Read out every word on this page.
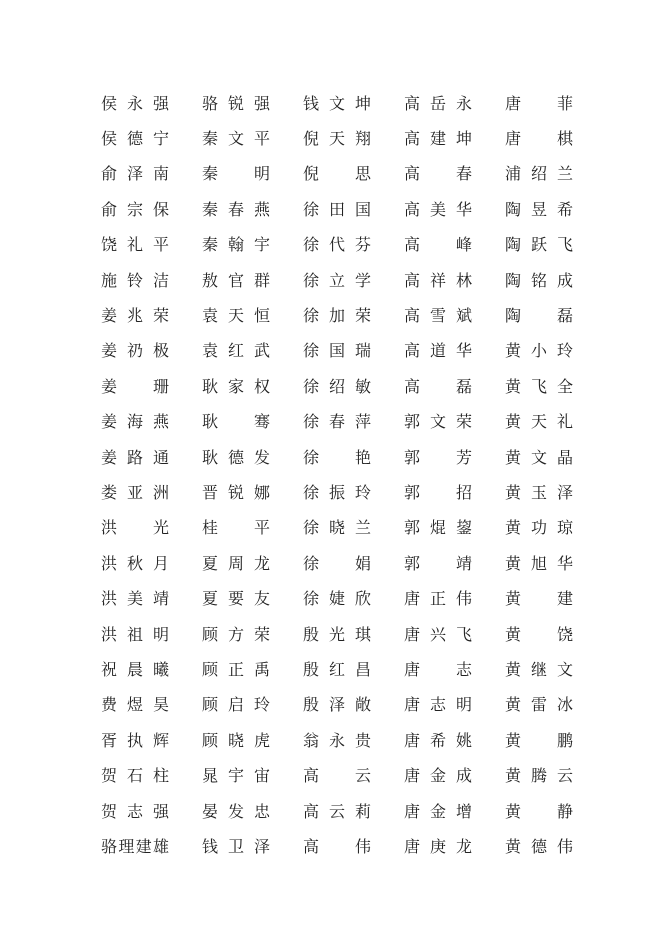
侯 永 强
侯 德 宁
俞 泽 南
俞 宗 保
饶 礼 平
施 铃 洁
姜 兆 荣
姜 礽 极
姜
珊
姜 海 燕
姜 路 通
娄 亚 洲
洪
光
洪 秋 月
洪 美 靖
洪 祖 明
祝 晨 曦
费 煜 昊
胥 执 辉
贺 石 柱
贺 志 强
骆 理 建 雄
骆 锐 强
秦 文 平
秦
明
秦 春 燕
秦 翰 宇
敖 官 群
袁 天 恒
袁 红 武
耿 家 权
耿
骞
耿 德 发
晋 锐 娜
桂
平
夏 周 龙
夏 要 友
顾 方 荣
顾 正 禹
顾 启 玲
顾 晓 虎
晁 宇 宙
晏 发 忠
钱 卫 泽
钱 文 坤
倪 天 翔
倪
思
徐 田 国
徐 代 芬
徐 立 学
徐 加 荣
徐 国 瑞
徐 绍 敏
徐 春 萍
徐
艳
徐 振 玲
徐 晓 兰
徐
娟
徐 婕 欣
殷 光 琪
殷 红 昌
殷 泽 敞
翁 永 贵
高
云
高 云 莉
高
伟
高 岳 永
高 建 坤
高
春
高 美 华
高
峰
高 祥 林
高 雪 斌
高 道 华
高
磊
郭 文 荣
郭
芳
郭
招
郭 焜 鋆
郭
靖
唐 正 伟
唐 兴 飞
唐
志
唐 志 明
唐 希 姚
唐 金 成
唐 金 增
唐 庚 龙
唐
菲
唐
棋
浦 绍 兰
陶 昱 希
陶 跃 飞
陶 铭 成
陶
磊
黄 小 玲
黄 飞 全
黄 天 礼
黄 文 晶
黄 玉 泽
黄 功 琼
黄 旭 华
黄
建
黄
饶
黄 继 文
黄 雷 冰
黄
鹏
黄 腾 云
黄
静
黄 德 伟
